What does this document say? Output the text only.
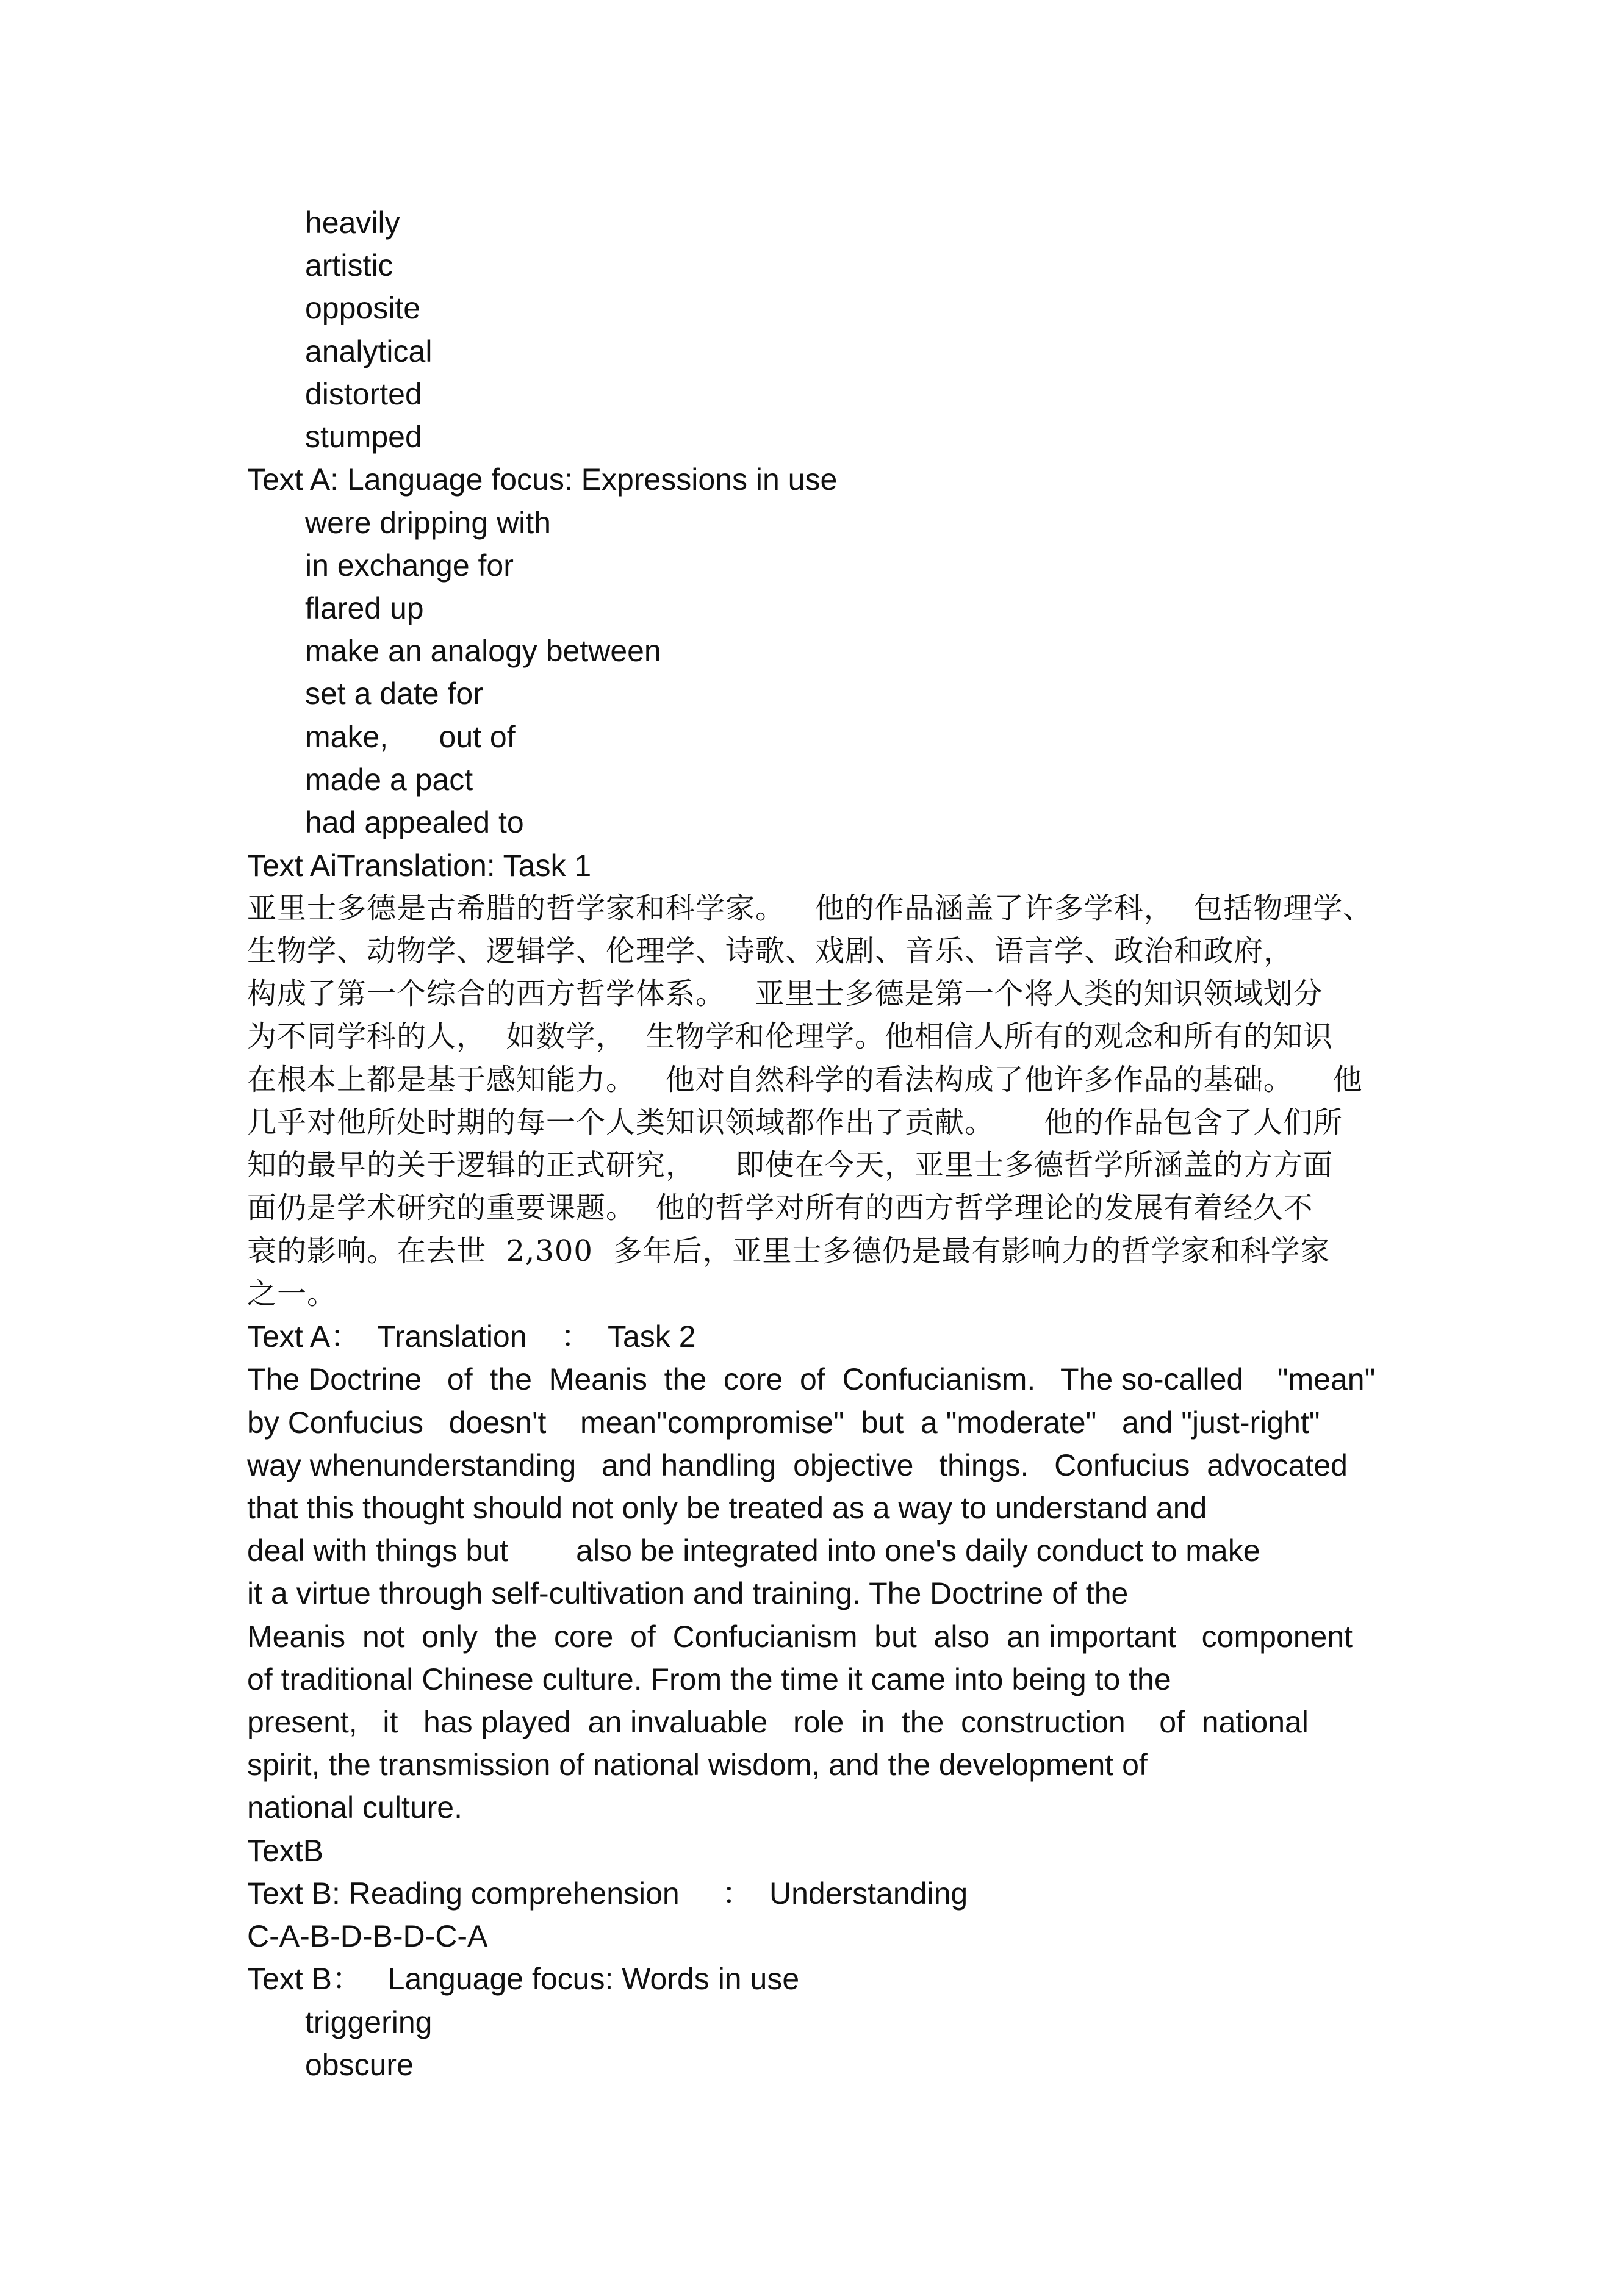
heavily
artistic
opposite
analytical
distorted
stumped
Text A: Language focus: Expressions in use
were dripping with
in exchange for
flared up
make an analogy between
set a date for
make,      out of
made a pact
had appealed to
Text AiTranslation: Task 1
亚里士多德是古希腊的哲学家和科学家。   他的作品涵盖了许多学科，  包括物理学、
生物学、动物学、逻辑学、伦理学、诗歌、戏剧、音乐、语言学、政治和政府，
构成了第一个综合的西方哲学体系。   亚里士多德是第一个将人类的知识领域划分
为不同学科的人，  如数学，  生物学和伦理学。他相信人所有的观念和所有的知识
在根本上都是基于感知能力。   他对自然科学的看法构成了他许多作品的基础。    他
几乎对他所处时期的每一个人类知识领域都作出了贡献。     他的作品包含了人们所
知的最早的关于逻辑的正式研究，    即使在今天，亚里士多德哲学所涵盖的方方面
面仍是学术研究的重要课题。  他的哲学对所有的西方哲学理论的发展有着经久不
衰的影响。在去世  2,300  多年后，亚里士多德仍是最有影响力的哲学家和科学家
之一。
Text A：  Translation    ：  Task 2
The Doctrine   of  the  Meanis  the  core  of  Confucianism.   The so-called    "mean"
by Confucius   doesn't    mean"compromise"  but  a "moderate"   and "just-right"
way whenunderstanding   and handling  objective   things.   Confucius  advocated
that this thought should not only be treated as a way to understand and
deal with things but        also be integrated into one's daily conduct to make
it a virtue through self-cultivation and training. The Doctrine of the
Meanis  not  only  the  core  of  Confucianism  but  also  an important   component
of traditional Chinese culture. From the time it came into being to the
present,   it   has played  an invaluable   role  in  the  construction    of  national
spirit, the transmission of national wisdom, and the development of
national culture.
TextB
Text B: Reading comprehension     ：  Understanding
C-A-B-D-B-D-C-A
Text B：   Language focus: Words in use
triggering
obscure
